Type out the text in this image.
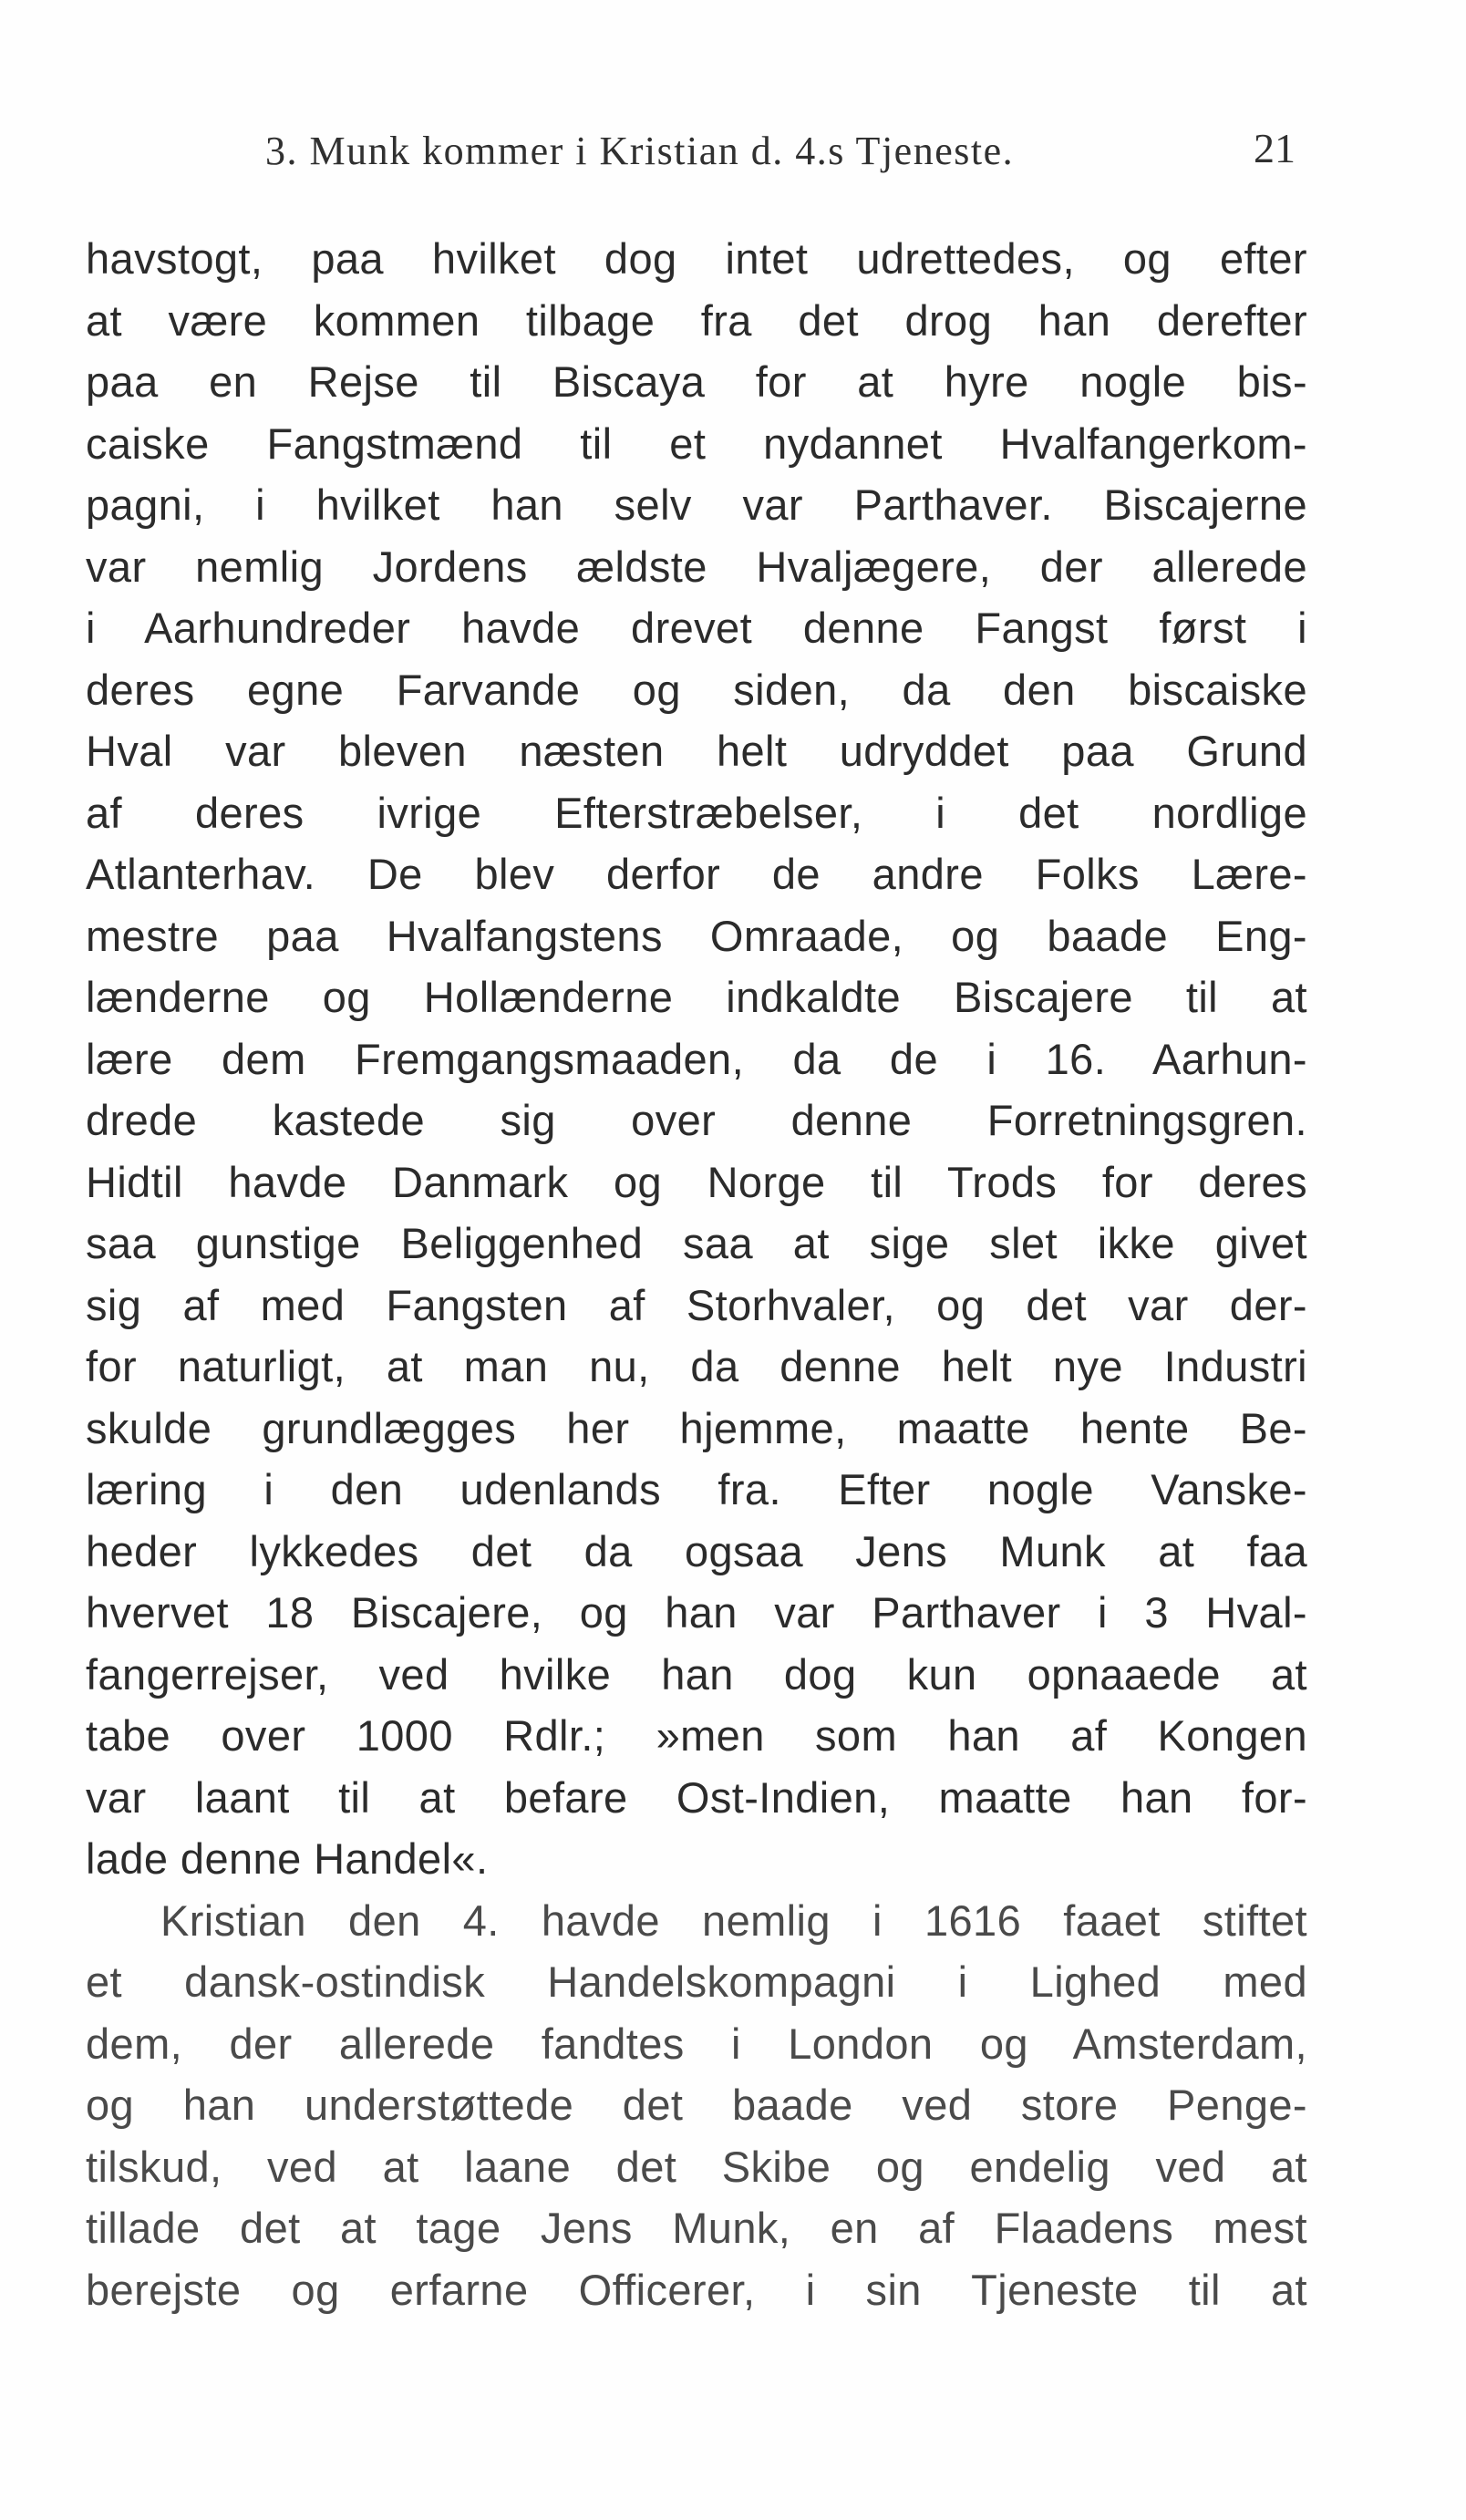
3. Munk kommer i Kristian d. 4.s Tjeneste.	21
havstogt, paa hvilket dog intet udrettedes, og efter
at være kommen tilbage fra det drog han derefter
paa en Rejse til Biscaya for at hyre nogle bis-
caiske Fangstmænd til et nydannet Hvalfangerkom-
pagni, i hvilket han selv var Parthaver. Biscajerne
var nemlig Jordens ældste Hvaljægere, der allerede
i Aarhundreder havde drevet denne Fangst først i
deres egne Farvande og siden, da den biscaiske
Hval var bleven næsten helt udryddet paa Grund
af deres ivrige Efterstræbelser, i det nordlige
Atlanterhav. De blev derfor de andre Folks Lære-
mestre paa Hvalfangstens Omraade, og baade Eng-
lænderne og Hollænderne indkaldte Biscajere til at
lære dem Fremgangsmaaden, da de i 16. Aarhun-
drede kastede sig over denne Forretningsgren.
Hidtil havde Danmark og Norge til Trods for deres
saa gunstige Beliggenhed saa at sige slet ikke givet
sig af med Fangsten af Storhvaler, og det var der-
for naturligt, at man nu, da denne helt nye Industri
skulde grundlægges her hjemme, maatte hente Be-
læring i den udenlands fra. Efter nogle Vanske-
heder lykkedes det da ogsaa Jens Munk at faa
hvervet 18 Biscajere, og han var Parthaver i 3 Hval-
fangerrejser, ved hvilke han dog kun opnaaede at
tabe over 1000 Rdlr.; »men som han af Kongen
var laant til at befare Ost-Indien, maatte han for-
lade denne Handel«.
Kristian den 4. havde nemlig i 1616 faaet stiftet
et dansk-ostindisk Handelskompagni i Lighed med
dem, der allerede fandtes i London og Amsterdam,
og han understøttede det baade ved store Penge-
tilskud, ved at laane det Skibe og endelig ved at
tillade det at tage Jens Munk, en af Flaadens mest
berejste og erfarne Officerer, i sin Tjeneste til at
